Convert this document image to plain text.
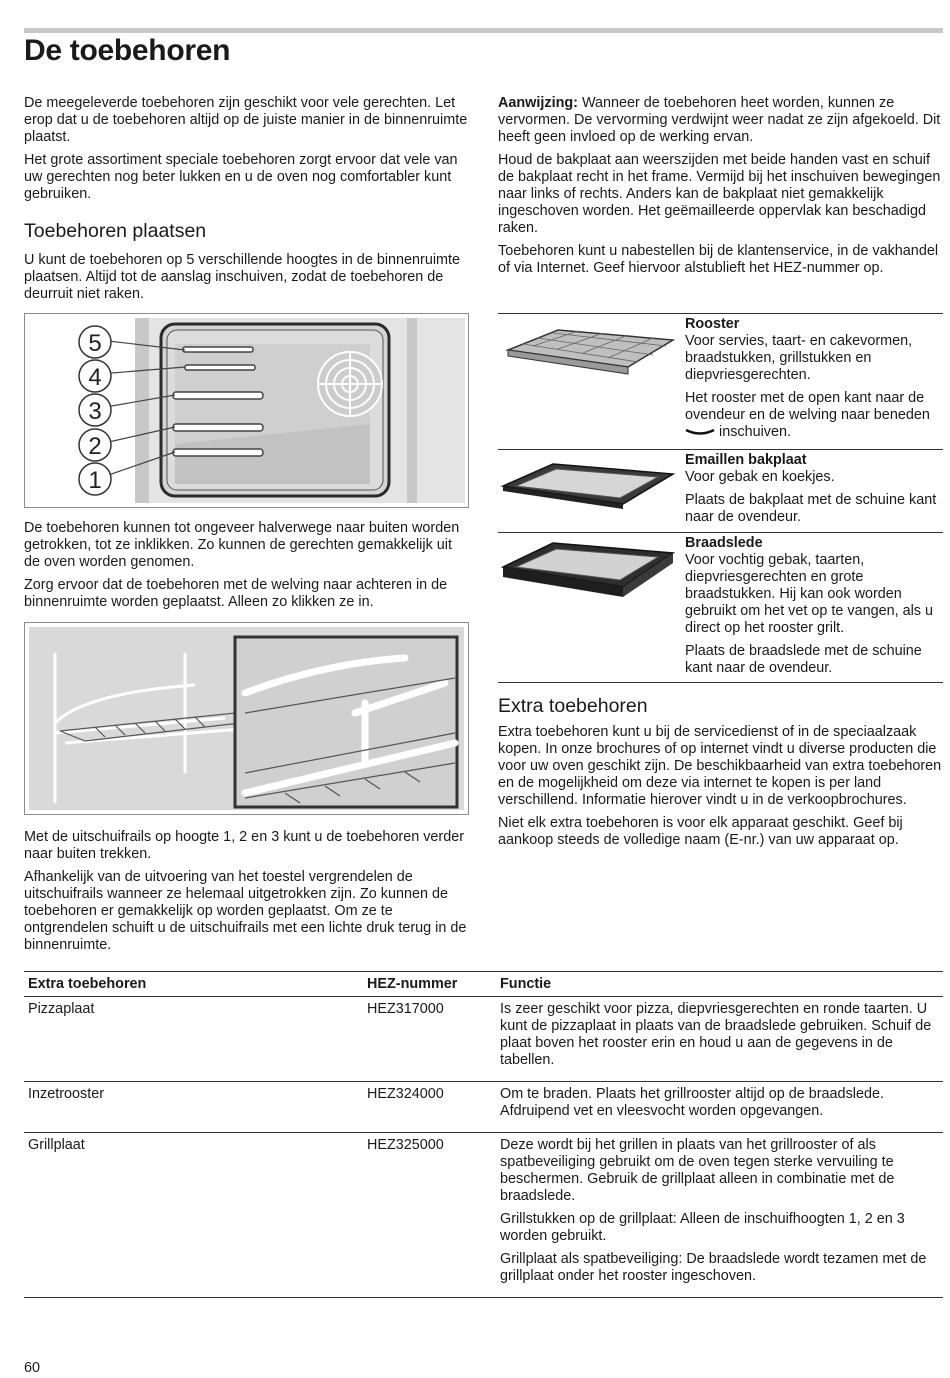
De toebehoren

De meegeleverde toebehoren zijn geschikt voor vele gerechten. Let erop dat u de toebehoren altijd op de juiste manier in de binnenruimte plaatst.

Het grote assortiment speciale toebehoren zorgt ervoor dat vele van uw gerechten nog beter lukken en u de oven nog comfortabler kunt gebruiken.

Toebehoren plaatsen

U kunt de toebehoren op 5 verschillende hoogtes in de binnenruimte plaatsen. Altijd tot de aanslag inschuiven, zodat de toebehoren de deurruit niet raken.

5
4
3
2
1

De toebehoren kunnen tot ongeveer halverwege naar buiten worden getrokken, tot ze inklikken. Zo kunnen de gerechten gemakkelijk uit de oven worden genomen.

Zorg ervoor dat de toebehoren met de welving naar achteren in de binnenruimte worden geplaatst. Alleen zo klikken ze in.

Met de uitschuifrails op hoogte 1, 2 en 3 kunt u de toebehoren verder naar buiten trekken.

Afhankelijk van de uitvoering van het toestel vergrendelen de uitschuifrails wanneer ze helemaal uitgetrokken zijn. Zo kunnen de toebehoren er gemakkelijk op worden geplaatst. Om ze te ontgrendelen schuift u de uitschuifrails met een lichte druk terug in de binnenruimte.

Aanwijzing: Wanneer de toebehoren heet worden, kunnen ze vervormen. De vervorming verdwijnt weer nadat ze zijn afgekoeld. Dit heeft geen invloed op de werking ervan.

Houd de bakplaat aan weerszijden met beide handen vast en schuif de bakplaat recht in het frame. Vermijd bij het inschuiven bewegingen naar links of rechts. Anders kan de bakplaat niet gemakkelijk ingeschoven worden. Het geëmailleerde oppervlak kan beschadigd raken.

Toebehoren kunt u nabestellen bij de klantenservice, in de vakhandel of via Internet. Geef hiervoor alstublieft het HEZ-nummer op.

Rooster

Voor servies, taart- en cakevormen, braadstukken, grillstukken en diepvriesgerechten.

Het rooster met de open kant naar de ovendeur en de welving naar beneden  inschuiven.

Emaillen bakplaat

Voor gebak en koekjes.

Plaats de bakplaat met de schuine kant naar de ovendeur.

Braadslede

Voor vochtig gebak, taarten, diepvriesgerechten en grote braadstukken. Hij kan ook worden gebruikt om het vet op te vangen, als u direct op het rooster grilt.

Plaats de braadslede met de schuine kant naar de ovendeur.

Extra toebehoren

Extra toebehoren kunt u bij de servicedienst of in de speciaalzaak kopen. In onze brochures of op internet vindt u diverse producten die voor uw oven geschikt zijn. De beschikbaarheid van extra toebehoren en de mogelijkheid om deze via internet te kopen is per land verschillend. Informatie hierover vindt u in de verkoopbrochures.

Niet elk extra toebehoren is voor elk apparaat geschikt. Geef bij aankoop steeds de volledige naam (E-nr.) van uw apparaat op.

Extra toebehoren	HEZ-nummer	Functie
Pizzaplaat	HEZ317000	Is zeer geschikt voor pizza, diepvriesgerechten en ronde taarten. U kunt de pizzaplaat in plaats van de braadslede gebruiken. Schuif de plaat boven het rooster erin en houd u aan de gegevens in de tabellen.

Inzetrooster	HEZ324000	Om te braden. Plaats het grillrooster altijd op de braadslede. Afdruipend vet en vleesvocht worden opgevangen.

Grillplaat	HEZ325000	Deze wordt bij het grillen in plaats van het grillrooster of als spatbeveiliging gebruikt om de oven tegen sterke vervuiling te beschermen. Gebruik de grillplaat alleen in combinatie met de braadslede.

Grillstukken op de grillplaat: Alleen de inschuifhoogten 1, 2 en 3 worden gebruikt.

Grillplaat als spatbeveiliging: De braadslede wordt tezamen met de grillplaat onder het rooster ingeschoven.

60
